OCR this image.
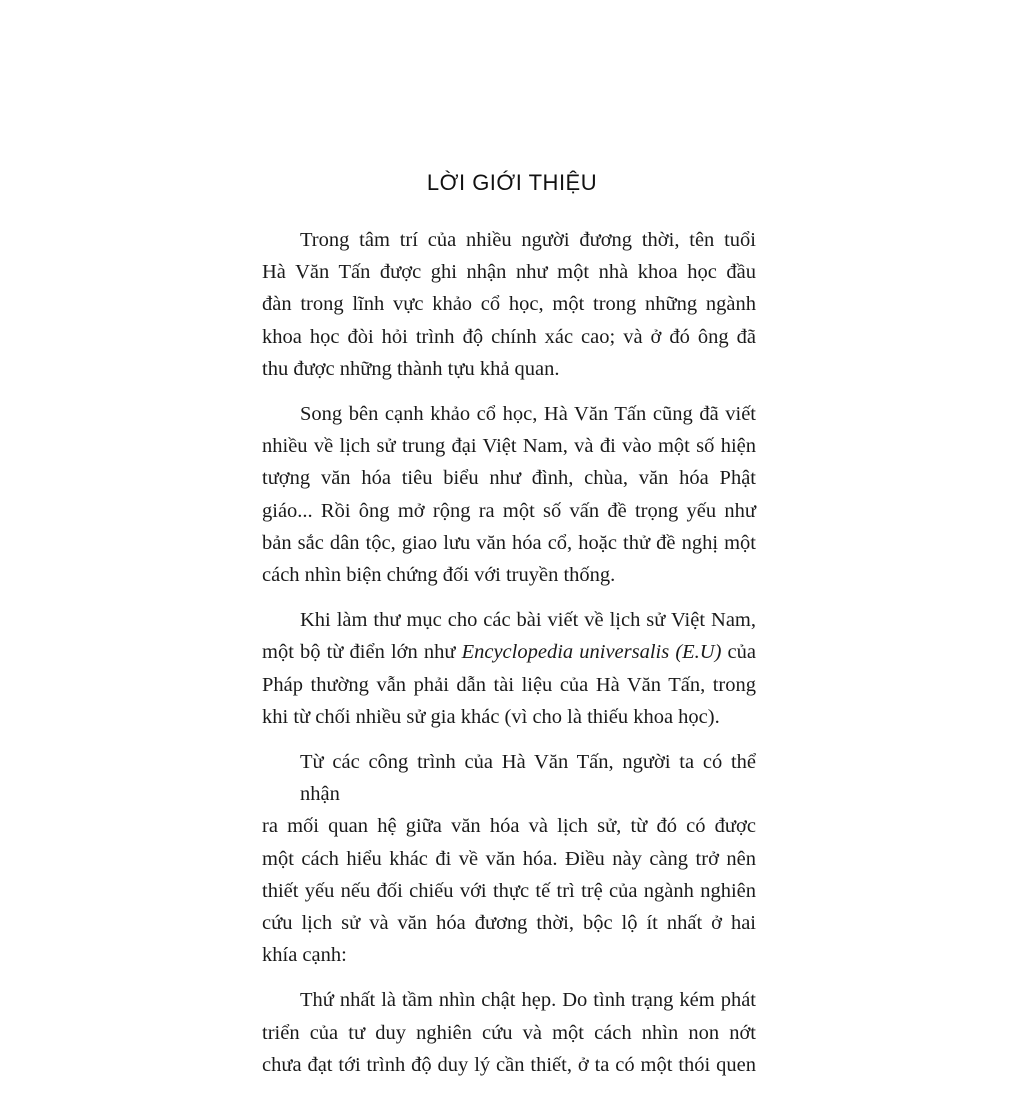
LỜI GIỚI THIỆU
Trong tâm trí của nhiều người đương thời, tên tuổi
Hà Văn Tấn được ghi nhận như một nhà khoa học đầu
đàn trong lĩnh vực khảo cổ học, một trong những ngành
khoa học đòi hỏi trình độ chính xác cao; và ở đó ông đã
thu được những thành tựu khả quan.
Song bên cạnh khảo cổ học, Hà Văn Tấn cũng đã viết
nhiều về lịch sử trung đại Việt Nam, và đi vào một số hiện
tượng văn hóa tiêu biểu như đình, chùa, văn hóa Phật
giáo... Rồi ông mở rộng ra một số vấn đề trọng yếu như
bản sắc dân tộc, giao lưu văn hóa cổ, hoặc thử đề nghị một
cách nhìn biện chứng đối với truyền thống.
Khi làm thư mục cho các bài viết về lịch sử Việt Nam,
một bộ từ điển lớn như Encyclopedia universalis (E.U) của
Pháp thường vẫn phải dẫn tài liệu của Hà Văn Tấn, trong
khi từ chối nhiều sử gia khác (vì cho là thiếu khoa học).
Từ các công trình của Hà Văn Tấn, người ta có thể nhận
ra mối quan hệ giữa văn hóa và lịch sử, từ đó có được
một cách hiểu khác đi về văn hóa. Điều này càng trở nên
thiết yếu nếu đối chiếu với thực tế trì trệ của ngành nghiên
cứu lịch sử và văn hóa đương thời, bộc lộ ít nhất ở hai
khía cạnh:
Thứ nhất là tầm nhìn chật hẹp. Do tình trạng kém phát
triển của tư duy nghiên cứu và một cách nhìn non nớt
chưa đạt tới trình độ duy lý cần thiết, ở ta có một thói quen
